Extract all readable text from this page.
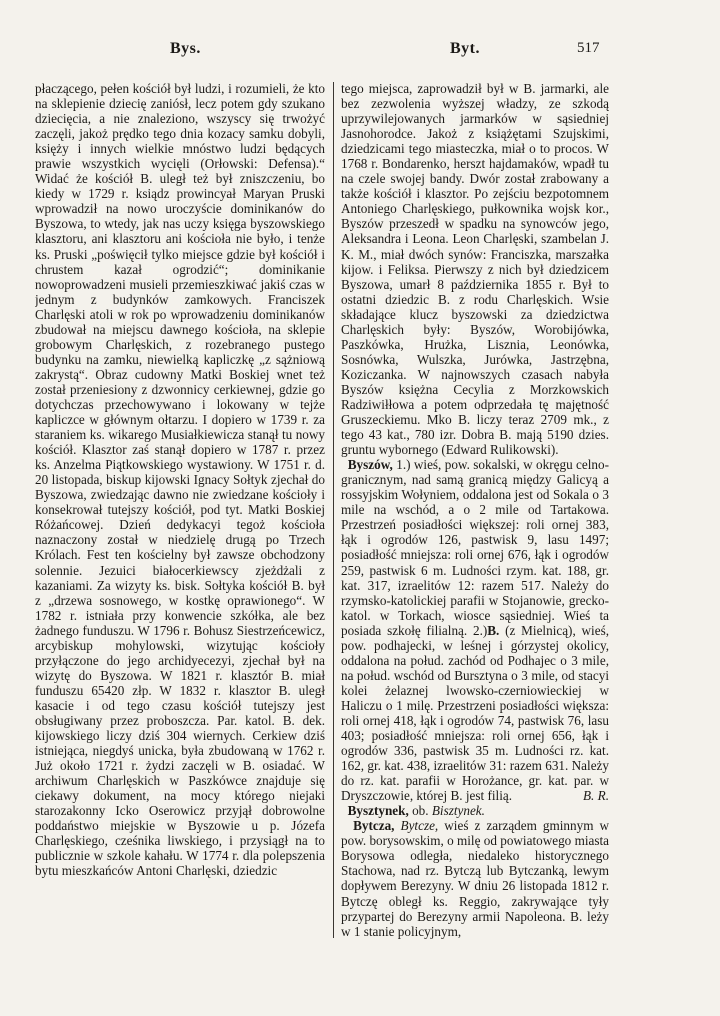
Bys.	Byt.	517

płaczącego, pełen kościół był ludzi, i rozumieli, że kto na sklepienie dziecię zaniósł, lecz potem gdy szukano dziecięcia, a nie znaleziono, wszyscy się trwożyć zaczęli, jakoż prędko tego dnia kozacy samku dobyli, księży i innych wielkie mnóstwo ludzi będących prawie wszystkich wycięli (Orłowski: Defensa).“ Widać że kościół B. uległ też był zniszczeniu, bo kiedy w 1729 r. ksiądz prowincyał Maryan Pruski wprowadził na nowo uroczyście dominikanów do Byszowa, to wtedy, jak nas uczy księga byszowskiego klasztoru, ani klasztoru ani kościoła nie było, i tenże ks. Pruski „poświęcił tylko miejsce gdzie był kościół i chrustem kazał ogrodzić“; dominikanie nowoprowadzeni musieli przemieszkiwać jakiś czas w jednym z budynków zamkowych. Franciszek Charlęski atoli w rok po wprowadzeniu dominikanów zbudował na miejscu dawnego kościoła, na sklepie grobowym Charlęskich, z rozebranego pustego budynku na zamku, niewielką kapliczkę „z sążniową zakrystą“. Obraz cudowny Matki Boskiej wnet też został przeniesiony z dzwonnicy cerkiewnej, gdzie go dotychczas przechowywano i lokowany w tejże kapliczce w głównym ołtarzu. I dopiero w 1739 r. za staraniem ks. wikarego Musiałkiewicza stanął tu nowy kościół. Klasztor zaś stanął dopiero w 1787 r. przez ks. Anzelma Piątkowskiego wystawiony. W 1751 r. d. 20 listopada, biskup kijowski Ignacy Sołtyk zjechał do Byszowa, zwiedzając dawno nie zwiedzane kościoły i konsekrował tutejszy kościół, pod tyt. Matki Boskiej Różańcowej. Dzień dedykacyi tegoż kościoła naznaczony został w niedzielę drugą po Trzech Królach. Fest ten kościelny był zawsze obchodzony solennie. Jezuici białocerkiewscy zjeżdżali z kazaniami. Za wizyty ks. bisk. Sołtyka kościół B. był z „drzewa sosnowego, w kostkę oprawionego“. W 1782 r. istniała przy konwencie szkółka, ale bez żadnego funduszu. W 1796 r. Bohusz Siestrzeńcewicz, arcybiskup mohylowski, wizytując kościoły przyłączone do jego archidyecezyi, zjechał był na wizytę do Byszowa. W 1821 r. klasztór B. miał funduszu 65420 złp. W 1832 r. klasztor B. uległ kasacie i od tego czasu kościół tutejszy jest obsługiwany przez proboszcza. Par. katol. B. dek. kijowskiego liczy dziś 304 wiernych. Cerkiew dziś istniejąca, niegdyś unicka, była zbudowaną w 1762 r. Już około 1721 r. żydzi zaczęli w B. osiadać. W archiwum Charlęskich w Paszkówce znajduje się ciekawy dokument, na mocy którego niejaki starozakonny Icko Oserowicz przyjął dobrowolne poddaństwo miejskie w Byszowie u p. Józefa Charlęskiego, cześnika liwskiego, i przysiągł na to publicznie w szkole kahału. W 1774 r. dla polepszenia bytu mieszkańców Antoni Charlęski, dziedzic

tego miejsca, zaprowadził był w B. jarmarki, ale bez zezwolenia wyższej władzy, ze szkodą uprzywilejowanych jarmarków w sąsiedniej Jasnohorodce. Jakoż z książętami Szujskimi, dziedzicami tego miasteczka, miał o to procos. W 1768 r. Bondarenko, herszt hajdamaków, wpadł tu na czele swojej bandy. Dwór został zrabowany a także kościół i klasztor. Po zejściu bezpotomnem Antoniego Charlęskiego, pułkownika wojsk kor., Byszów przeszedł w spadku na synowców jego, Aleksandra i Leona. Leon Charlęski, szambelan J. K. M., miał dwóch synów: Franciszka, marszałka kijow. i Feliksa. Pierwszy z nich był dziedzicem Byszowa, umarł 8 października 1855 r. Był to ostatni dziedzic B. z rodu Charlęskich. Wsie składające klucz byszowski za dziedzictwa Charlęskich były: Byszów, Worobijówka, Paszkówka, Hrużka, Lisznia, Leonówka, Sosnówka, Wulszka, Jurówka, Jastrzębna, Koziczanka. W najnowszych czasach nabyła Byszów księżna Cecylia z Morzkowskich Radziwiłłowa a potem odprzedała tę majętność Gruszeckiemu. Mko B. liczy teraz 2709 mk., z tego 43 kat., 780 izr. Dobra B. mają 5190 dzies. gruntu wybornego (Edward Rulikowski).

Byszów, 1.) wieś, pow. sokalski, w okręgu celno-granicznym, nad samą granicą między Galicyą a rossyjskim Wołyniem, oddalona jest od Sokala o 3 mile na wschód, a o 2 mile od Tartakowa. Przestrzeń posiadłości większej: roli ornej 383, łąk i ogrodów 126, pastwisk 9, lasu 1497; posiadłość mniejsza: roli ornej 676, łąk i ogrodów 259, pastwisk 6 m. Ludności rzym. kat. 188, gr. kat. 317, izraelitów 12: razem 517. Należy do rzymsko-katolickiej parafii w Stojanowie, grecko-katol. w Torkach, wiosce sąsiedniej. Wieś ta posiada szkołę filialną. 2.)B. (z Mielnicą), wieś, pow. podhajecki, w leśnej i górzystej okolicy, oddalona na połud. zachód od Podhajec o 3 mile, na połud. wschód od Bursztyna o 3 mile, od stacyi kolei żelaznej lwowsko-czerniowieckiej w Haliczu o 1 milę. Przestrzeni posiadłości większa: roli ornej 418, łąk i ogrodów 74, pastwisk 76, lasu 403; posiadłość mniejsza: roli ornej 656, łąk i ogrodów 336, pastwisk 35 m. Ludności rz. kat. 162, gr. kat. 438, izraelitów 31: razem 631. Należy do rz. kat. parafii w Horożance, gr. kat. par. w Dryszczowie, której B. jest filią.	B. R.

Bysztynek, ob. Bisztynek.

Bytcza, Bytcze, wieś z zarządem gminnym w pow. borysowskim, o milę od powiatowego miasta Borysowa odległa, niedaleko historycznego Stachowa, nad rz. Bytczą lub Bytczanką, lewym dopływem Berezyny. W dniu 26 listopada 1812 r. Bytczę obległ ks. Reggio, zakrywające tyły przypartej do Berezyny armii Napoleona. B. leży w 1 stanie policyjnym,
